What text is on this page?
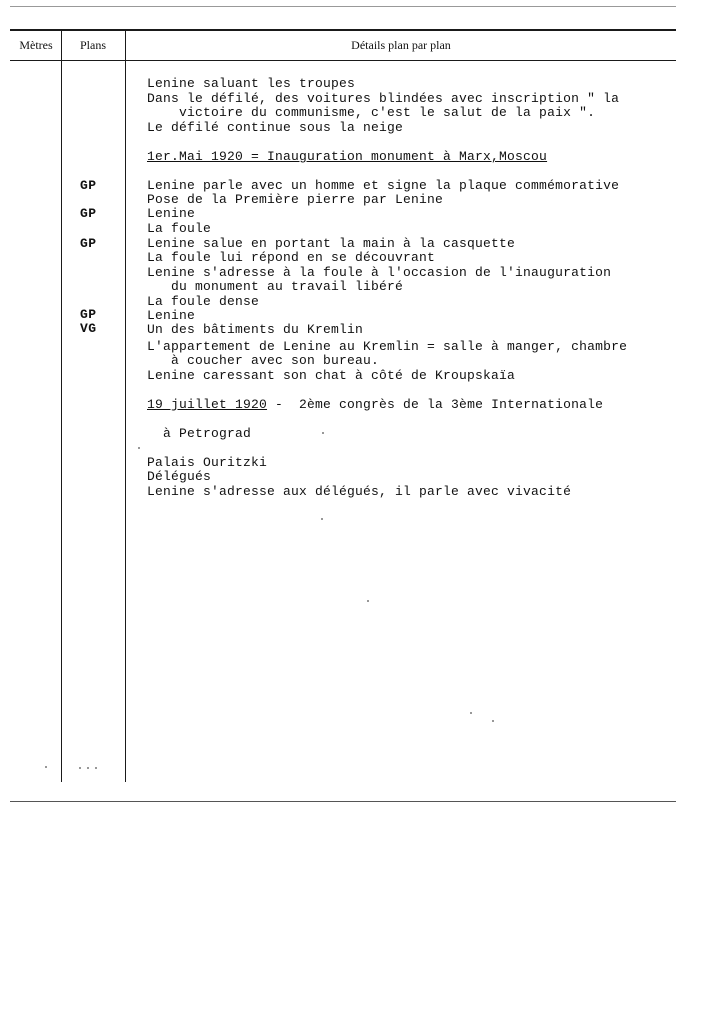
Mètres	Plans	Détails plan par plan
GP
GP
GP
GP
VG
Lenine saluant les troupes
Dans le défilé, des voitures blindées avec inscription " la
victoire du communisme, c'est le salut de la paix ".
Le défilé continue sous la neige
1er.Mai 1920 = Inauguration monument à Marx,Moscou
Lenine parle avec un homme et signe la plaque commémorative
Pose de la Première pierre par Lenine
Lenine
La foule
Lenine salue en portant la main à la casquette
La foule lui répond en se découvrant
Lenine s'adresse à la foule à l'occasion de l'inauguration
du monument au travail libéré
La foule dense
Lenine
Un des bâtiments du Kremlin
L'appartement de Lenine au Kremlin = salle à manger, chambre
à coucher avec son bureau.
Lenine caressant son chat à côté de Kroupskaïa
19 juillet 1920 -  2ème congrès de la 3ème Internationale
à Petrograd
Palais Ouritzki
Délégués
Lenine s'adresse aux délégués, il parle avec vivacité
